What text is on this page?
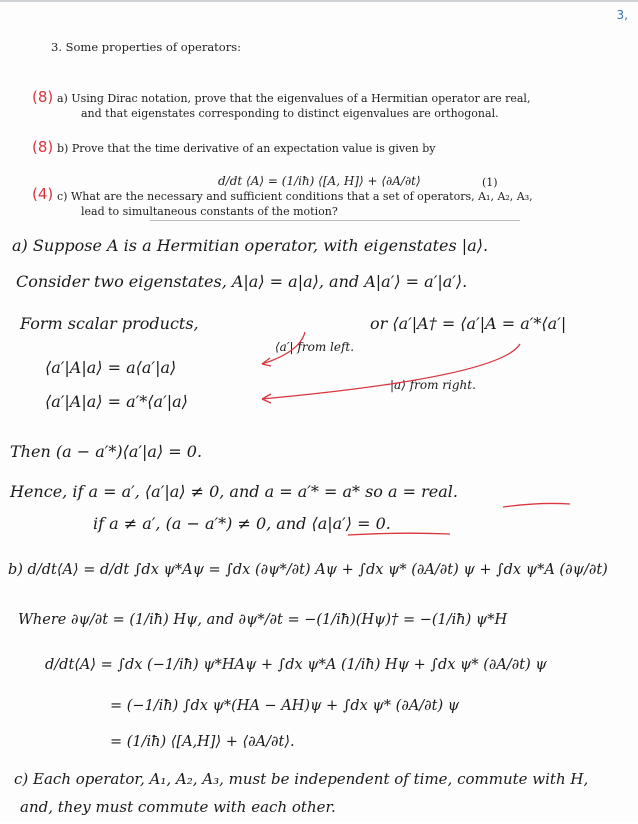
3,
3. Some properties of operators:
(8) a) Using Dirac notation, prove that the eigenvalues of a Hermitian operator are real,
and that eigenstates corresponding to distinct eigenvalues are orthogonal.
(8) b) Prove that the time derivative of an expectation value is given by
d/dt ⟨A⟩ = (1/iħ) ⟨[A, H]⟩ + ⟨∂A/∂t⟩	(1)
(4) c) What are the necessary and sufficient conditions that a set of operators, A₁, A₂, A₃,
lead to simultaneous constants of the motion?
a) Suppose A is a Hermitian operator, with eigenstates |a⟩.
Consider two eigenstates, A|a⟩ = a|a⟩, and A|a′⟩ = a′|a′⟩.
Form scalar products,	or ⟨a′|A† = ⟨a′|A = a′*⟨a′|
⟨a′| from left.
⟨a′|A|a⟩ = a⟨a′|a⟩
|a⟩ from right.
⟨a′|A|a⟩ = a′*⟨a′|a⟩
Then (a − a′*)⟨a′|a⟩ = 0.
Hence, if a = a′, ⟨a′|a⟩ ≠ 0, and a = a′* = a* so a = real.
if a ≠ a′, (a − a′*) ≠ 0, and ⟨a|a′⟩ = 0.
b) d/dt⟨A⟩ = d/dt ∫dx ψ*Aψ = ∫dx (∂ψ*/∂t) Aψ + ∫dx ψ* (∂A/∂t) ψ + ∫dx ψ*A (∂ψ/∂t)
Where ∂ψ/∂t = (1/iħ) Hψ, and ∂ψ*/∂t = −(1/iħ)(Hψ)† = −(1/iħ) ψ*H
d/dt⟨A⟩ = ∫dx (−1/iħ) ψ*HAψ + ∫dx ψ*A (1/iħ) Hψ + ∫dx ψ* (∂A/∂t) ψ
= (−1/iħ) ∫dx ψ*(HA − AH)ψ + ∫dx ψ* (∂A/∂t) ψ
= (1/iħ) ⟨[A,H]⟩ + ⟨∂A/∂t⟩.
c) Each operator, A₁, A₂, A₃, must be independent of time, commute with H,
and, they must commute with each other.
